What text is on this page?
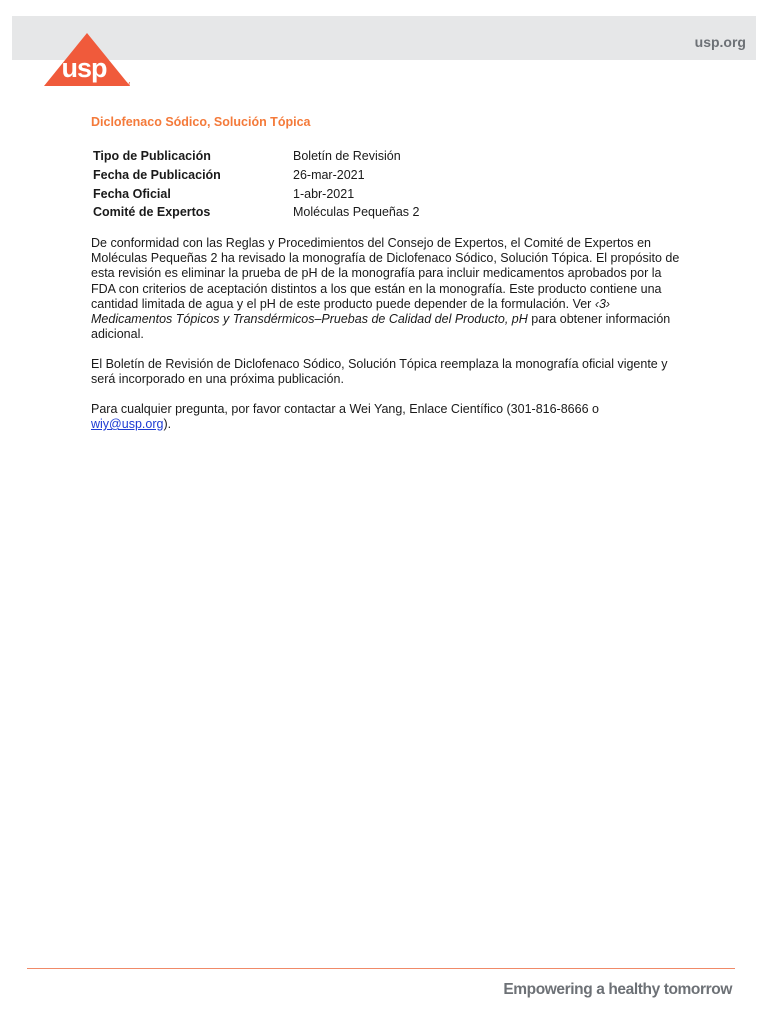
usp.org
usp
TM
Diclofenaco Sódico, Solución Tópica
Tipo de Publicación	Boletín de Revisión
Fecha de Publicación	26-mar-2021
Fecha Oficial	1-abr-2021
Comité de Expertos	Moléculas Pequeñas 2

De conformidad con las Reglas y Procedimientos del Consejo de Expertos, el Comité de Expertos en Moléculas Pequeñas 2 ha revisado la monografía de Diclofenaco Sódico, Solución Tópica. El propósito de esta revisión es eliminar la prueba de pH de la monografía para incluir medicamentos aprobados por la FDA con criterios de aceptación distintos a los que están en la monografía. Este producto contiene una cantidad limitada de agua y el pH de este producto puede depender de la formulación. Ver ‹3› Medicamentos Tópicos y Transdérmicos–Pruebas de Calidad del Producto, pH para obtener información adicional.

El Boletín de Revisión de Diclofenaco Sódico, Solución Tópica reemplaza la monografía oficial vigente y será incorporado en una próxima publicación.

Para cualquier pregunta, por favor contactar a Wei Yang, Enlace Científico (301-816-8666 o wiy@usp.org).

Empowering a healthy tomorrow
